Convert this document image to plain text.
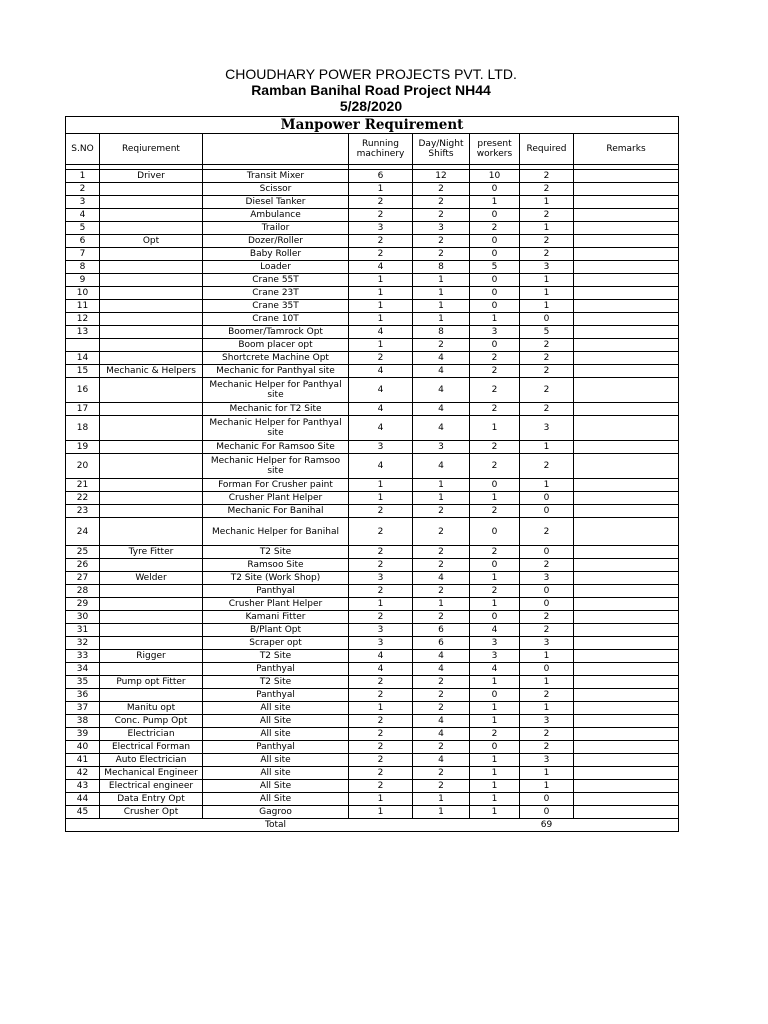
CHOUDHARY POWER PROJECTS PVT. LTD.
Ramban Banihal Road Project NH44
5/28/2020
Manpower Requirement							
S.NO	Reqiurement		Running machinery	Day/Night Shifts	present workers	Required	Remarks

1	Driver	Transit Mixer	6	12	10	2	
2		Scissor	1	2	0	2	
3		Diesel Tanker	2	2	1	1	
4		Ambulance	2	2	0	2	
5		Trailor	3	3	2	1	
6	Opt	Dozer/Roller	2	2	0	2	
7		Baby Roller	2	2	0	2	
8		Loader	4	8	5	3	
9		Crane 55T	1	1	0	1	
10		Crane 23T	1	1	0	1	
11		Crane 35T	1	1	0	1	
12		Crane 10T	1	1	1	0	
13		Boomer/Tamrock Opt	4	8	3	5	
		Boom placer opt	1	2	0	2	
14		Shortcrete Machine Opt	2	4	2	2	
15	Mechanic & Helpers	Mechanic for Panthyal site	4	4	2	2	
16		Mechanic Helper for Panthyal site	4	4	2	2	
17		Mechanic for T2 Site	4	4	2	2	
18		Mechanic Helper for Panthyal site	4	4	1	3	
19		Mechanic For Ramsoo Site	3	3	2	1	
20		Mechanic Helper for Ramsoo site	4	4	2	2	
21		Forman For Crusher paint	1	1	0	1	
22		Crusher Plant Helper	1	1	1	0	
23		Mechanic For Banihal	2	2	2	0	
24		Mechanic Helper for Banihal	2	2	0	2	
25	Tyre Fitter	T2 Site	2	2	2	0	
26		Ramsoo Site	2	2	0	2	
27	Welder	T2 Site (Work Shop)	3	4	1	3	
28		Panthyal	2	2	2	0	
29		Crusher Plant Helper	1	1	1	0	
30		Kamani Fitter	2	2	0	2	
31		B/Plant Opt	3	6	4	2	
32		Scraper opt	3	6	3	3	
33	Rigger	T2 Site	4	4	3	1	
34		Panthyal	4	4	4	0	
35	Pump opt Fitter	T2 Site	2	2	1	1	
36		Panthyal	2	2	0	2	
37	Manitu opt	All site	1	2	1	1	
38	Conc. Pump Opt	All Site	2	4	1	3	
39	Electrician	All site	2	4	2	2	
40	Electrical Forman	Panthyal	2	2	0	2	
41	Auto Electrician	All site	2	4	1	3	
42	Mechanical Engineer	All site	2	2	1	1	
43	Electrical engineer	All Site	2	2	1	1	
44	Data Entry Opt	All Site	1	1	1	0	
45	Crusher Opt	Gagroo	1	1	1	0	
		Total				69	
